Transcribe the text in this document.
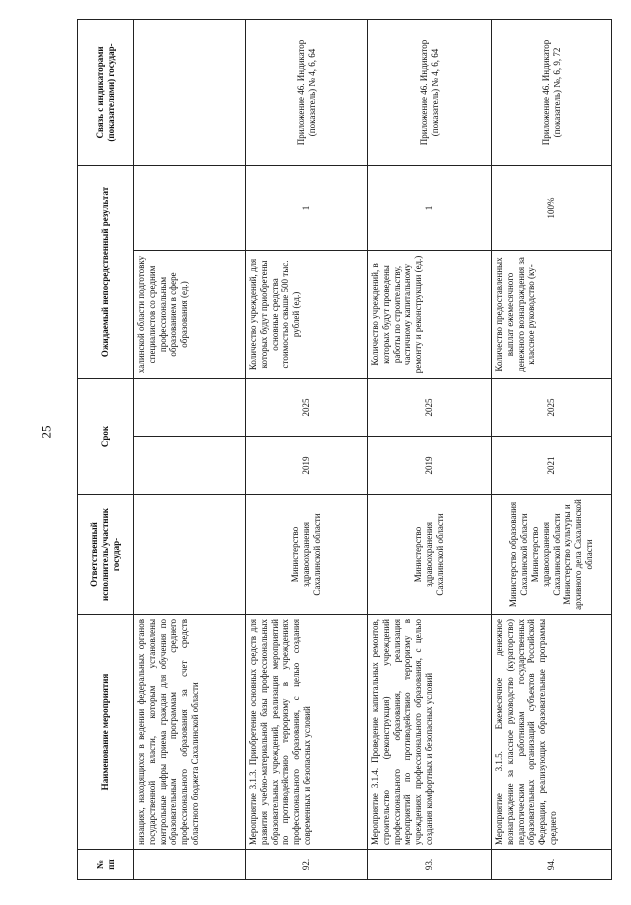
25
№ пп	Наименование мероприятия	Ответственный исполнитель/участник государ-	Срок		Ожидаемый непосредственный результат		Связь с индикаторами (показателями) государ-
	низациях, находящихся в ведении федеральных органов государственной власти, которым установлены контрольные цифры приема граждан для обучения по образовательным программам среднего профессионального образования за счет средств областного бюджета Сахалинской области				халинской области подготовку специалистов со средним профессиональным образованием в сфере образования (ед.)		
92.	Мероприятие 3.1.3. Приобретение основных средств для развития учебно-материальной базы профессиональных образовательных учреждений, реализация мероприятий по противодействию терроризму в учреждениях профессионального образования, с целью создания современных и безопасных условий	Министерство здравоохранения Сахалинской области	2019	2025	Количество учреждений, для которых будут приобретены основные средства стоимостью свыше 500 тыс. рублей (ед.)	1	Приложение 46. Индикатор (показатель) № 4, 6, 64
93.	Мероприятие 3.1.4. Проведение капитальных ремонтов, строительство (реконструкция) учреждений профессионального образования, реализация мероприятий по противодействию терроризму в учреждениях профессионального образования, с целью создания комфортных и безопасных условий	Министерство здравоохранения Сахалинской области	2019	2025	Количество учреждений, в которых будут проведены работы по строительству, частичному капитальному ремонту и реконструкции (ед.)	1	Приложение 46. Индикатор (показатель) № 4, 6, 64
94.	Мероприятие 3.1.5. Ежемесячное денежное вознаграждение за классное руководство (кураторство) педагогическим работникам государственных образовательных организаций субъектов Российской Федерации, реализующих образовательные программы среднего	Министерство образования Сахалинской области Министерство здравоохранения Сахалинской области Министерство культуры и архивного дела Сахалинской области	2021	2025	Количество предоставленных выплат ежемесячного денежного вознаграждения за классное руководство (ку-	100%	Приложение 46. Индикатор (показатель) №, 6, 9, 72
